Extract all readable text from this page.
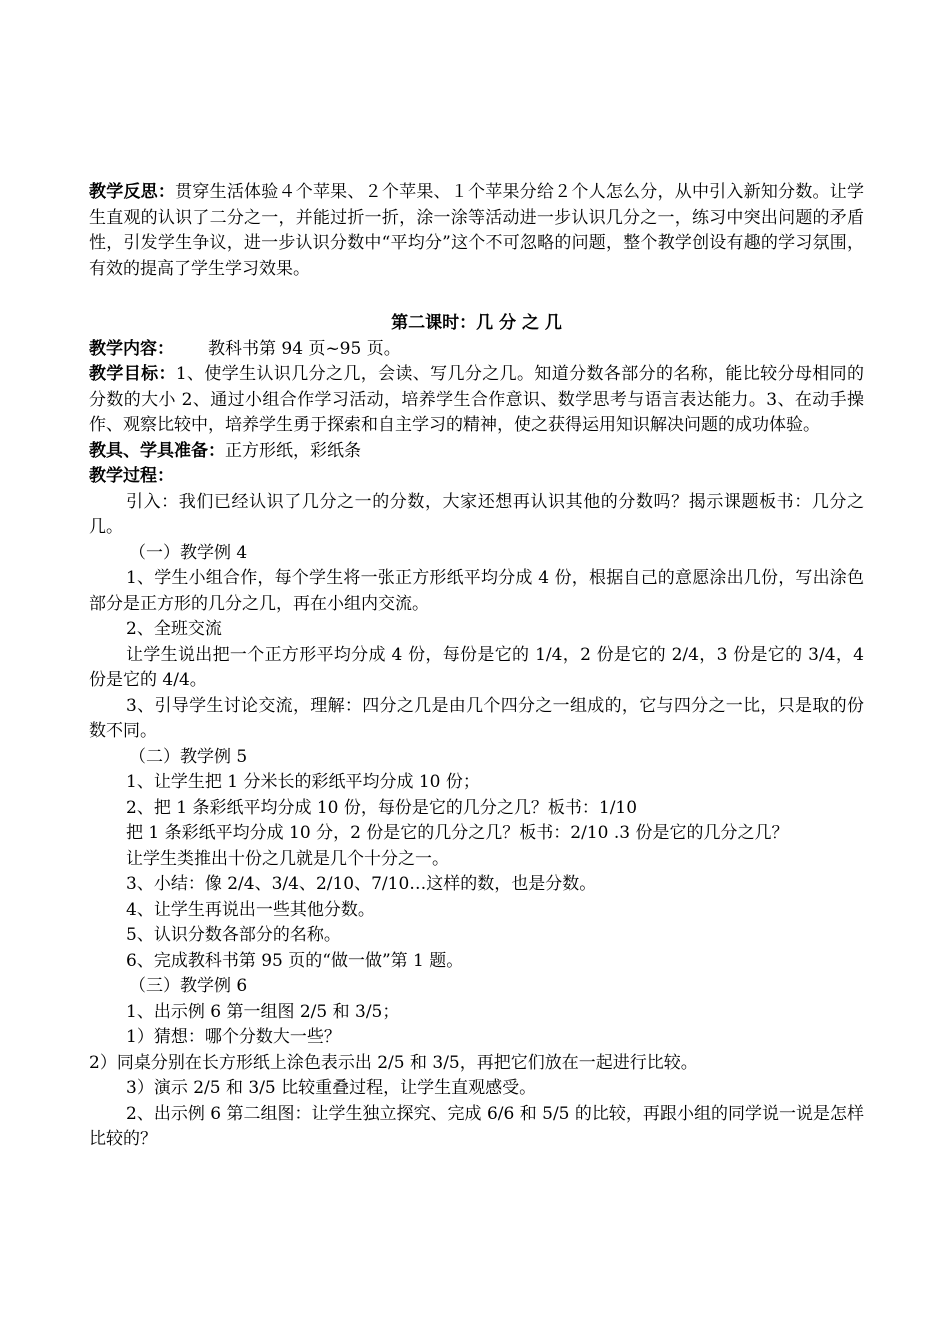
教学反思：贯穿生活体验４个苹果、２个苹果、１个苹果分给２个人怎么分，从中引入新知分数。让学生直观的认识了二分之一，并能过折一折，涂一涂等活动进一步认识几分之一，练习中突出问题的矛盾性，引发学生争议，进一步认识分数中“平均分”这个不可忽略的问题，整个教学创设有趣的学习氛围，有效的提高了学生学习效果。

第二课时：几 分 之 几

教学内容： 教科书第 94 页~95 页。

教学目标：1、使学生认识几分之几，会读、写几分之几。知道分数各部分的名称，能比较分母相同的分数的大小 2、通过小组合作学习活动，培养学生合作意识、数学思考与语言表达能力。3、在动手操作、观察比较中，培养学生勇于探索和自主学习的精神，使之获得运用知识解决问题的成功体验。

教具、学具准备：正方形纸，彩纸条

教学过程：

引入：我们已经认识了几分之一的分数，大家还想再认识其他的分数吗？揭示课题板书：几分之几。

（一）教学例 4

1、学生小组合作，每个学生将一张正方形纸平均分成 4 份，根据自己的意愿涂出几份，写出涂色部分是正方形的几分之几，再在小组内交流。

2、全班交流

让学生说出把一个正方形平均分成 4 份，每份是它的 1/4，2 份是它的 2/4，3 份是它的 3/4，4 份是它的 4/4。

3、引导学生讨论交流，理解：四分之几是由几个四分之一组成的，它与四分之一比，只是取的份数不同。

（二）教学例 5

1、让学生把 1 分米长的彩纸平均分成 10 份；

2、把 1 条彩纸平均分成 10 份，每份是它的几分之几？板书：1/10

把 1 条彩纸平均分成 10 分，2 份是它的几分之几？板书：2/10 .3 份是它的几分之几？

让学生类推出十份之几就是几个十分之一。

3、小结：像 2/4、3/4、2/10、7/10…这样的数，也是分数。

4、让学生再说出一些其他分数。

5、认识分数各部分的名称。

6、完成教科书第 95 页的“做一做”第 1 题。

（三）教学例 6

1、出示例 6 第一组图 2/5 和 3/5；

1）猜想：哪个分数大一些？

2）同桌分别在长方形纸上涂色表示出 2/5 和 3/5，再把它们放在一起进行比较。

3）演示 2/5 和 3/5 比较重叠过程，让学生直观感受。

2、出示例 6 第二组图：让学生独立探究、完成 6/6 和 5/5 的比较，再跟小组的同学说一说是怎样比较的？
